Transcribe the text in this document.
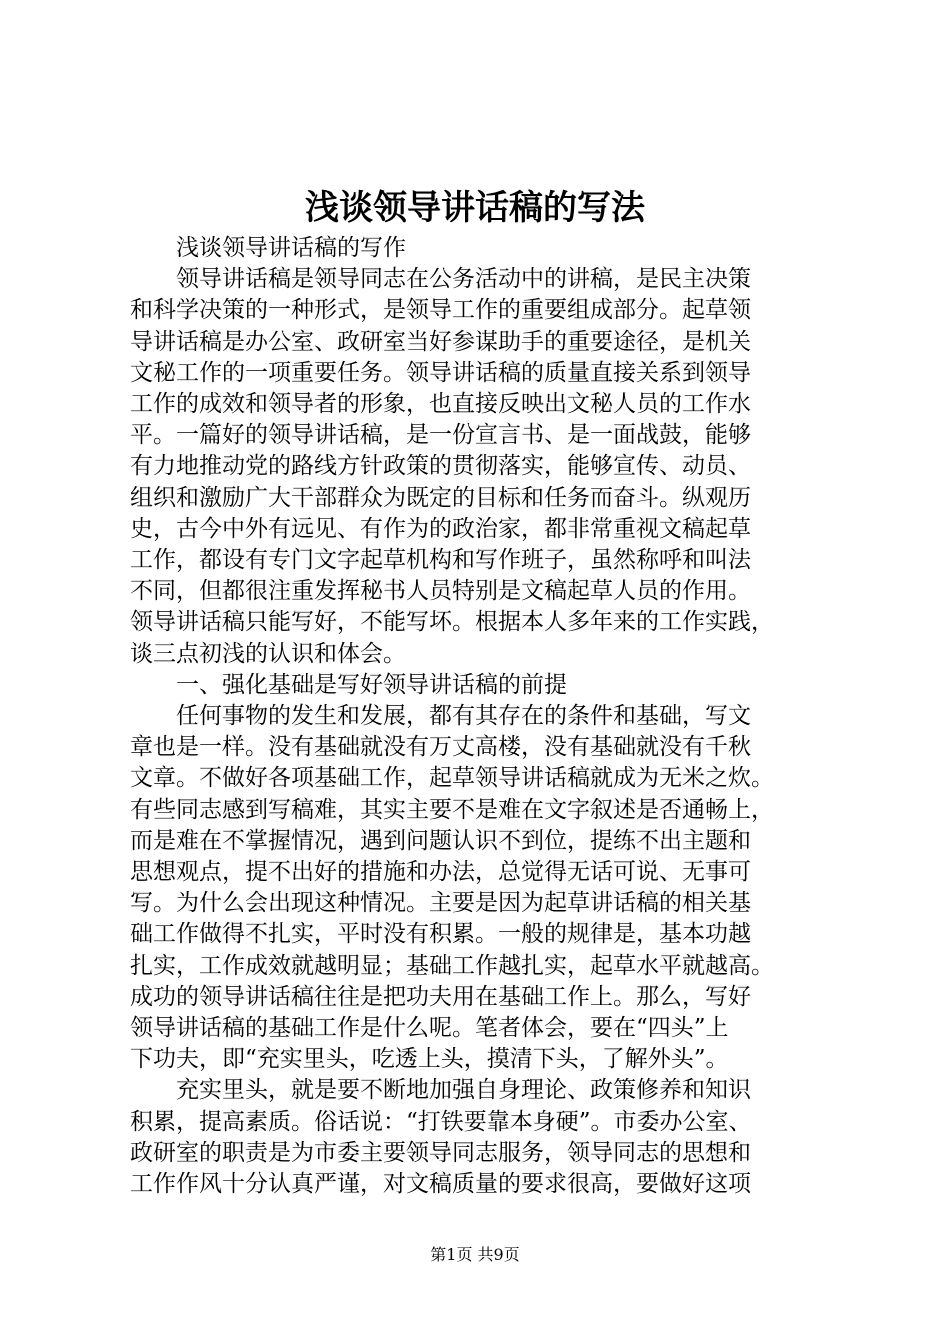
浅谈领导讲话稿的写法

浅谈领导讲话稿的写作

领导讲话稿是领导同志在公务活动中的讲稿，是民主决策
和科学决策的一种形式，是领导工作的重要组成部分。起草领
导讲话稿是办公室、政研室当好参谋助手的重要途径，是机关
文秘工作的一项重要任务。领导讲话稿的质量直接关系到领导
工作的成效和领导者的形象，也直接反映出文秘人员的工作水
平。一篇好的领导讲话稿，是一份宣言书、是一面战鼓，能够
有力地推动党的路线方针政策的贯彻落实，能够宣传、动员、
组织和激励广大干部群众为既定的目标和任务而奋斗。纵观历
史，古今中外有远见、有作为的政治家，都非常重视文稿起草
工作，都设有专门文字起草机构和写作班子，虽然称呼和叫法
不同，但都很注重发挥秘书人员特别是文稿起草人员的作用。
领导讲话稿只能写好，不能写坏。根据本人多年来的工作实践，
谈三点初浅的认识和体会。

一、强化基础是写好领导讲话稿的前提

任何事物的发生和发展，都有其存在的条件和基础，写文
章也是一样。没有基础就没有万丈高楼，没有基础就没有千秋
文章。不做好各项基础工作，起草领导讲话稿就成为无米之炊。
有些同志感到写稿难，其实主要不是难在文字叙述是否通畅上，
而是难在不掌握情况，遇到问题认识不到位，提练不出主题和
思想观点，提不出好的措施和办法，总觉得无话可说、无事可
写。为什么会出现这种情况。主要是因为起草讲话稿的相关基
础工作做得不扎实，平时没有积累。一般的规律是，基本功越
扎实，工作成效就越明显；基础工作越扎实，起草水平就越高。
成功的领导讲话稿往往是把功夫用在基础工作上。那么，写好
领导讲话稿的基础工作是什么呢。笔者体会，要在“四头”上
下功夫，即“充实里头，吃透上头，摸清下头，了解外头”。

充实里头，就是要不断地加强自身理论、政策修养和知识
积累，提高素质。俗话说：“打铁要靠本身硬”。市委办公室、
政研室的职责是为市委主要领导同志服务，领导同志的思想和
工作作风十分认真严谨，对文稿质量的要求很高，要做好这项

第1页 共9页
